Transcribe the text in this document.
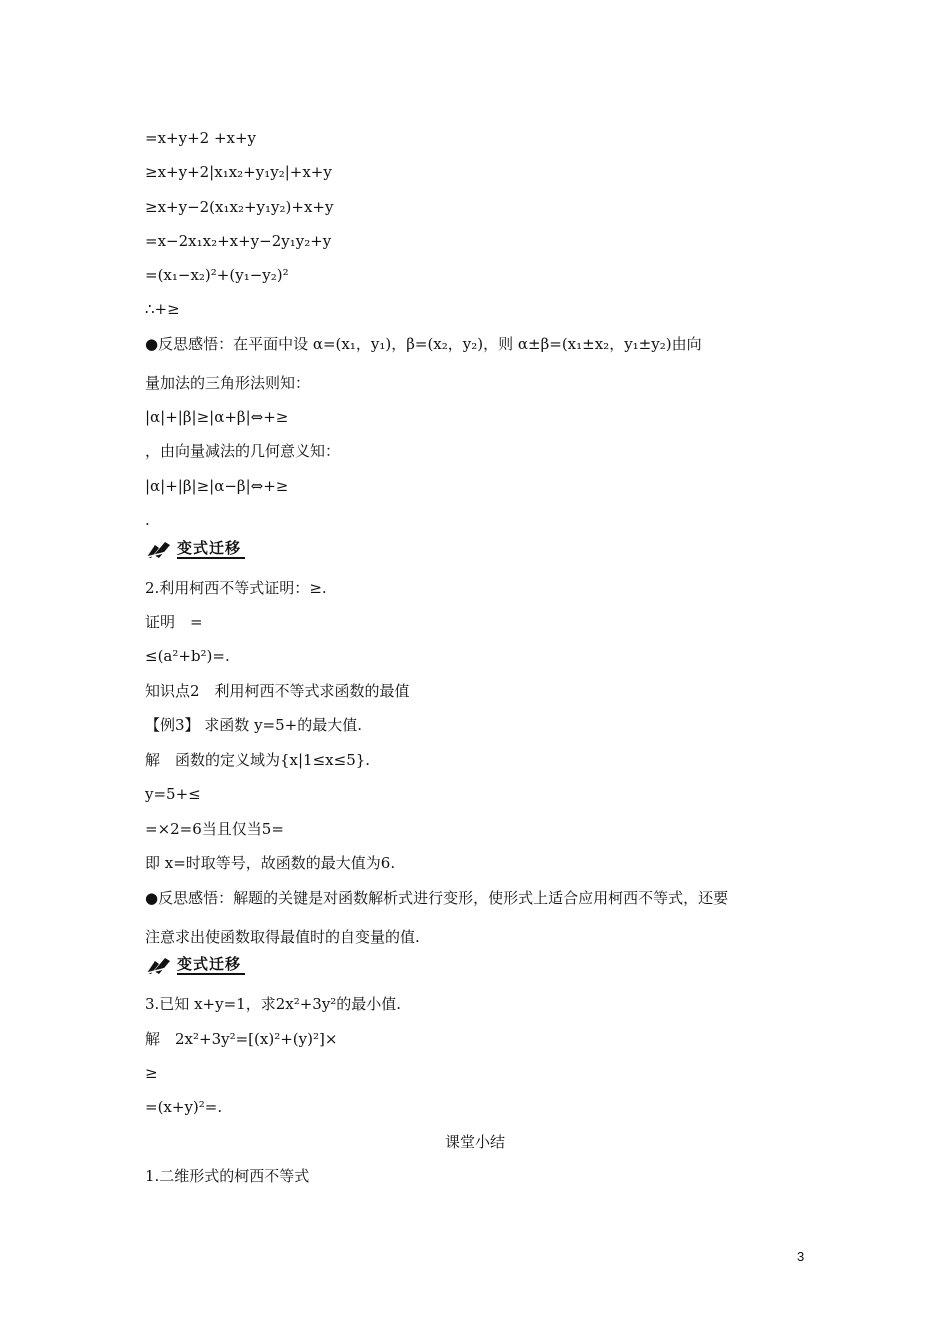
=x+y+2 +x+y
≥x+y+2|x₁x₂+y₁y₂|+x+y
≥x+y−2(x₁x₂+y₁y₂)+x+y
=x−2x₁x₂+x+y−2y₁y₂+y
=(x₁−x₂)²+(y₁−y₂)²
∴+≥
●反思感悟：在平面中设 α=(x₁，y₁)，β=(x₂，y₂)，则 α±β=(x₁±x₂，y₁±y₂)由向
量加法的三角形法则知：
|α|+|β|≥|α+β|⇔+≥
，由向量减法的几何意义知：
|α|+|β|≥|α−β|⇔+≥
.
变式迁移
2.利用柯西不等式证明：≥.
证明　=
≤(a²+b²)=.
知识点2　利用柯西不等式求函数的最值
【例3】 求函数 y=5+的最大值.
解　函数的定义域为{x|1≤x≤5}.
y=5+≤
=×2=6当且仅当5=
即 x=时取等号，故函数的最大值为6.
●反思感悟：解题的关键是对函数解析式进行变形，使形式上适合应用柯西不等式，还要
注意求出使函数取得最值时的自变量的值.
变式迁移
3.已知 x+y=1，求2x²+3y²的最小值.
解　2x²+3y²=[(x)²+(y)²]×
≥
=(x+y)²=.
课堂小结
1.二维形式的柯西不等式
3
